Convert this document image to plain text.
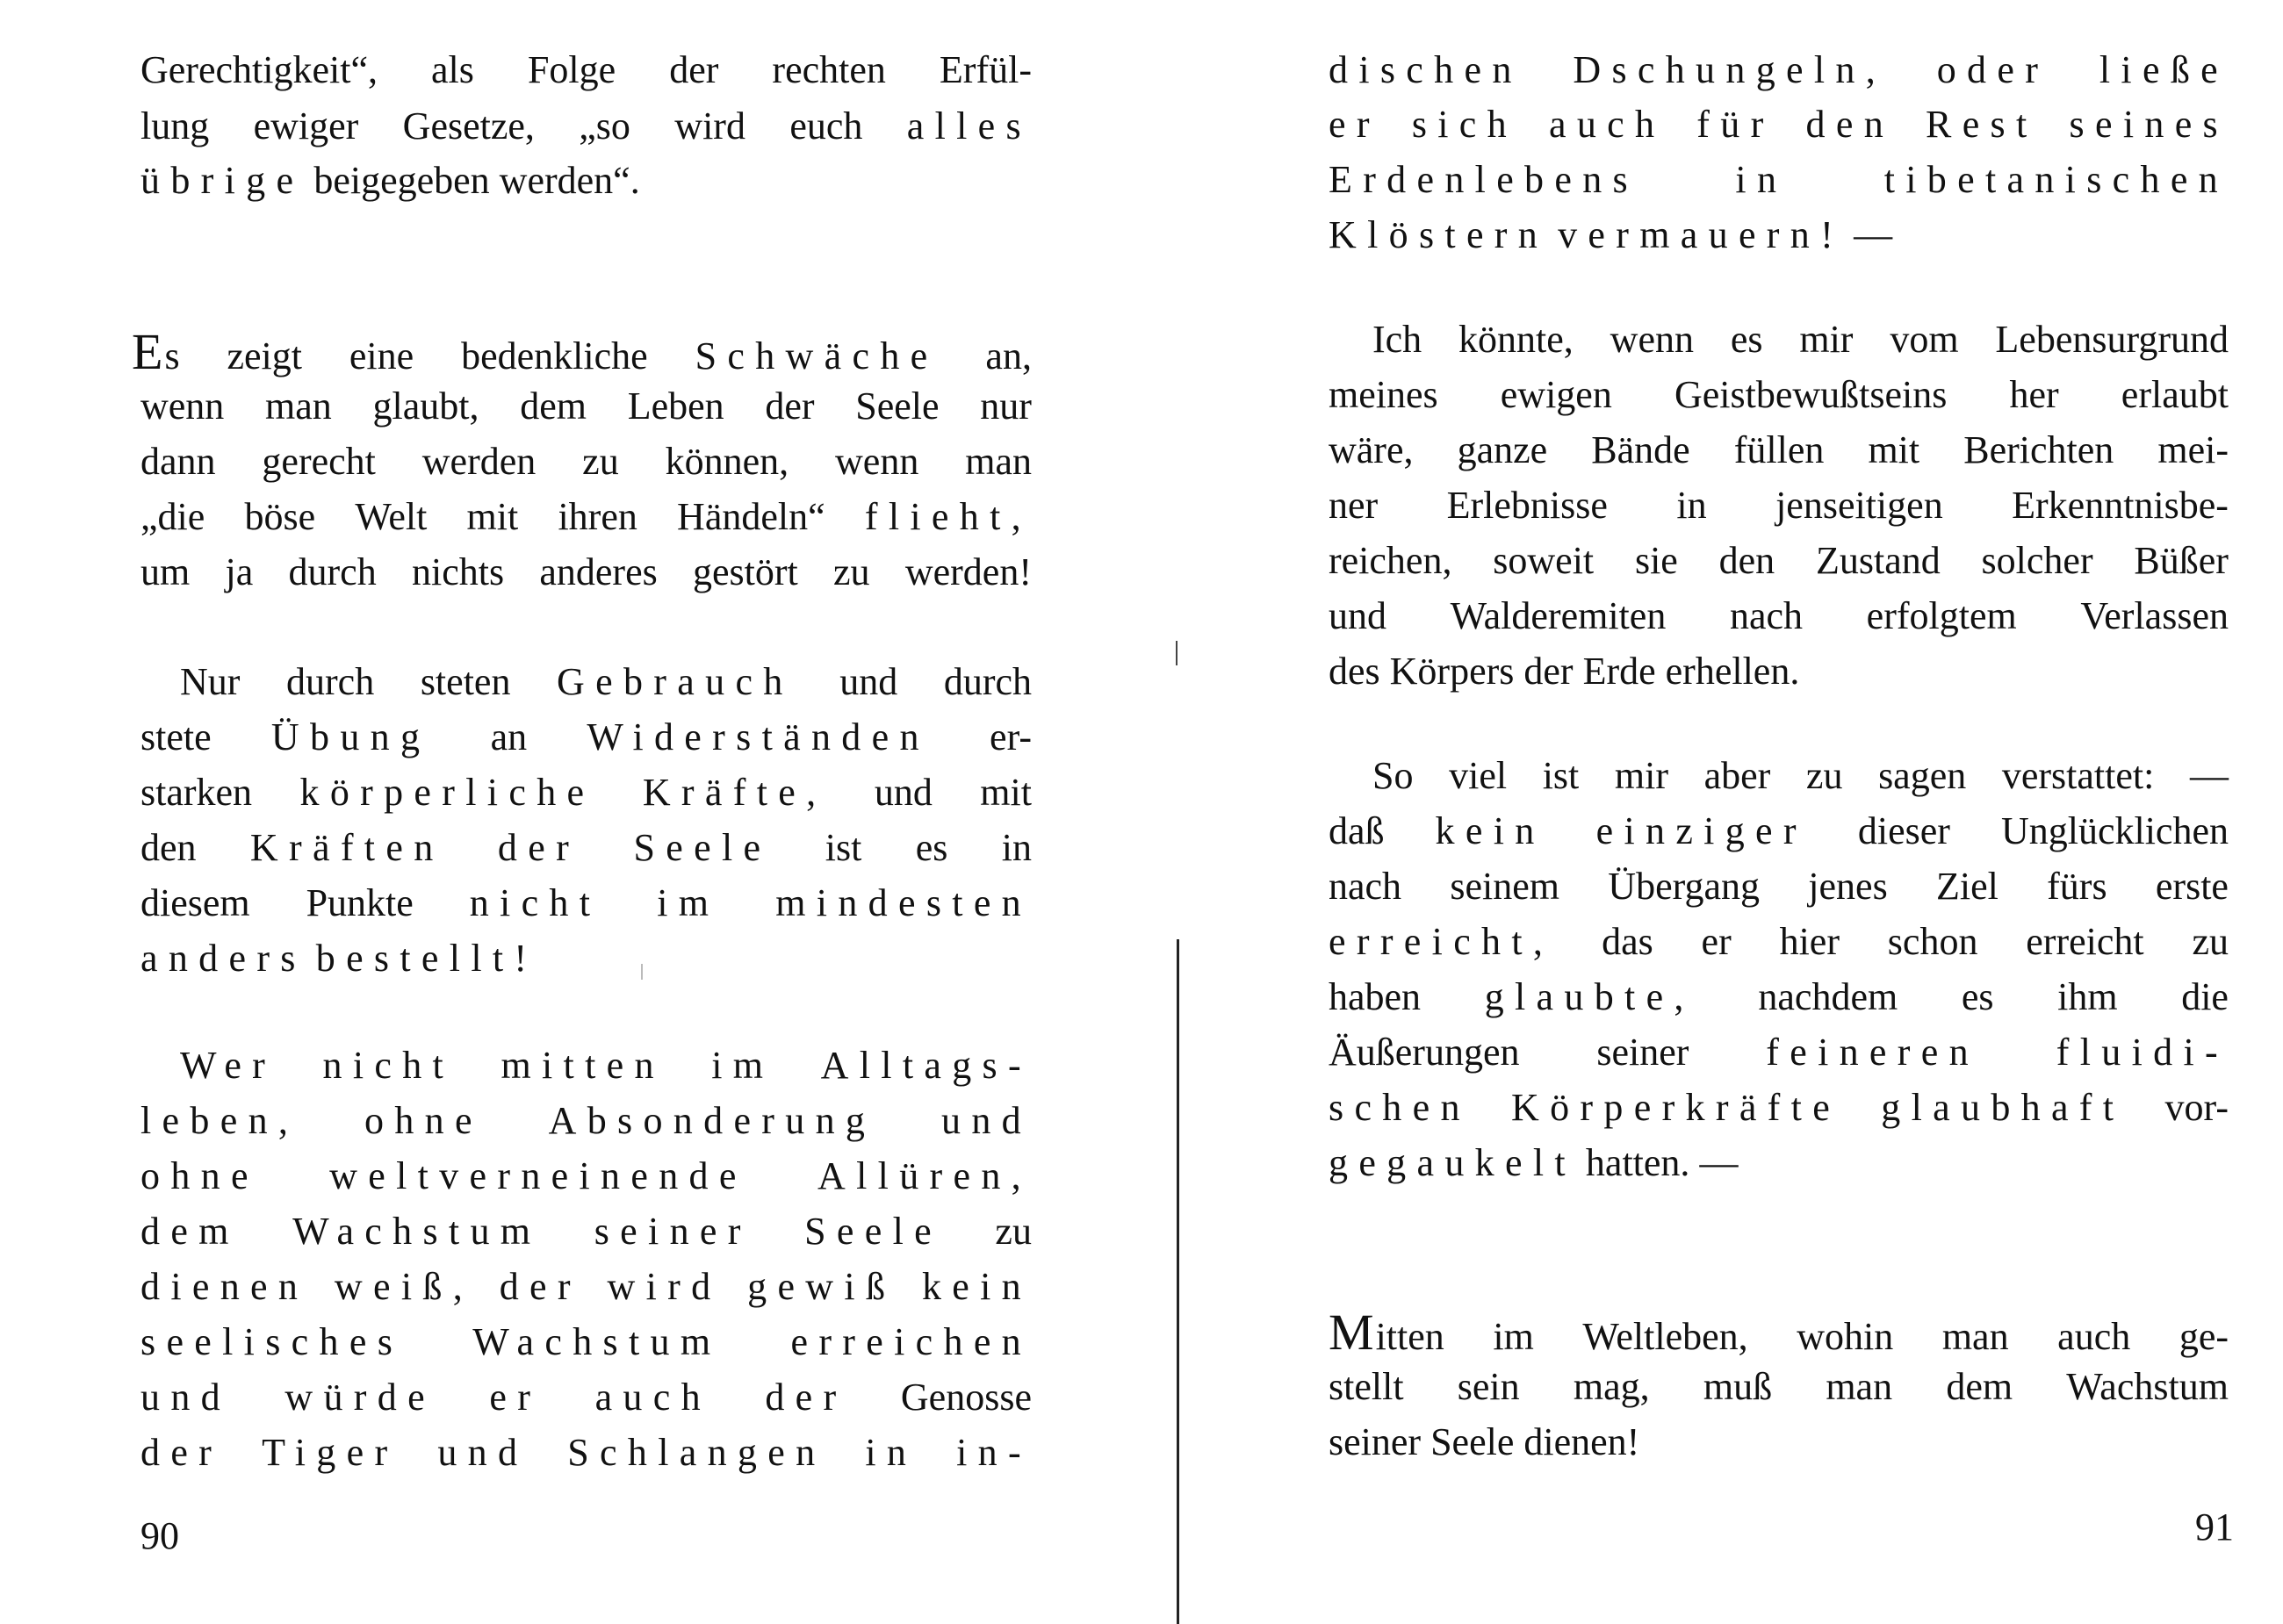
Gerechtigkeit“, als Folge der rechten Erfül-
lung ewiger Gesetze, „so wird euch alles
übrige
beigegeben
werden“.
Es zeigt eine bedenkliche Schwäche an,
wenn man glaubt, dem Leben der Seele nur
dann gerecht werden zu können, wenn man
„die böse Welt mit ihren Händeln“ flieht,
um ja durch nichts anderes gestört zu werden!
Nur durch steten Gebrauch und durch
stete Übung an Widerständen er-
starken körperliche Kräfte, und mit
den Kräften der Seele ist es in
diesem Punkte nicht im mindesten
anders
bestellt!
Wer nicht mitten im Alltags-
leben, ohne Absonderung und
ohne weltverneinende Allüren,
dem Wachstum seiner Seele zu
dienen weiß, der wird gewiß kein
seelisches Wachstum erreichen
und würde er auch der Genosse
der Tiger und Schlangen in in-
90
dischen Dschungeln, oder ließe
er sich auch für den Rest seines
Erdenlebens	in	tibetanischen
Klöstern
vermauern!
—
Ich könnte, wenn es mir vom Lebensurgrund
meines ewigen Geistbewußtseins her erlaubt
wäre, ganze Bände füllen mit Berichten mei-
ner Erlebnisse in jenseitigen Erkenntnisbe-
reichen, soweit sie den Zustand solcher Büßer
und Walderemiten nach erfolgtem Verlassen
des
Körpers
der
Erde
erhellen.
So viel ist mir aber zu sagen verstattet: —
daß kein einziger dieser Unglücklichen
nach seinem Übergang jenes Ziel fürs erste
erreicht, das er hier schon erreicht zu
haben glaubte, nachdem es ihm die
Äußerungen seiner feineren fluidi-
schen Körperkräfte glaubhaft vor-
gegaukelt
hatten.
—
Mitten im Weltleben, wohin man auch ge-
stellt sein mag, muß man dem Wachstum
seiner
Seele
dienen!
91
